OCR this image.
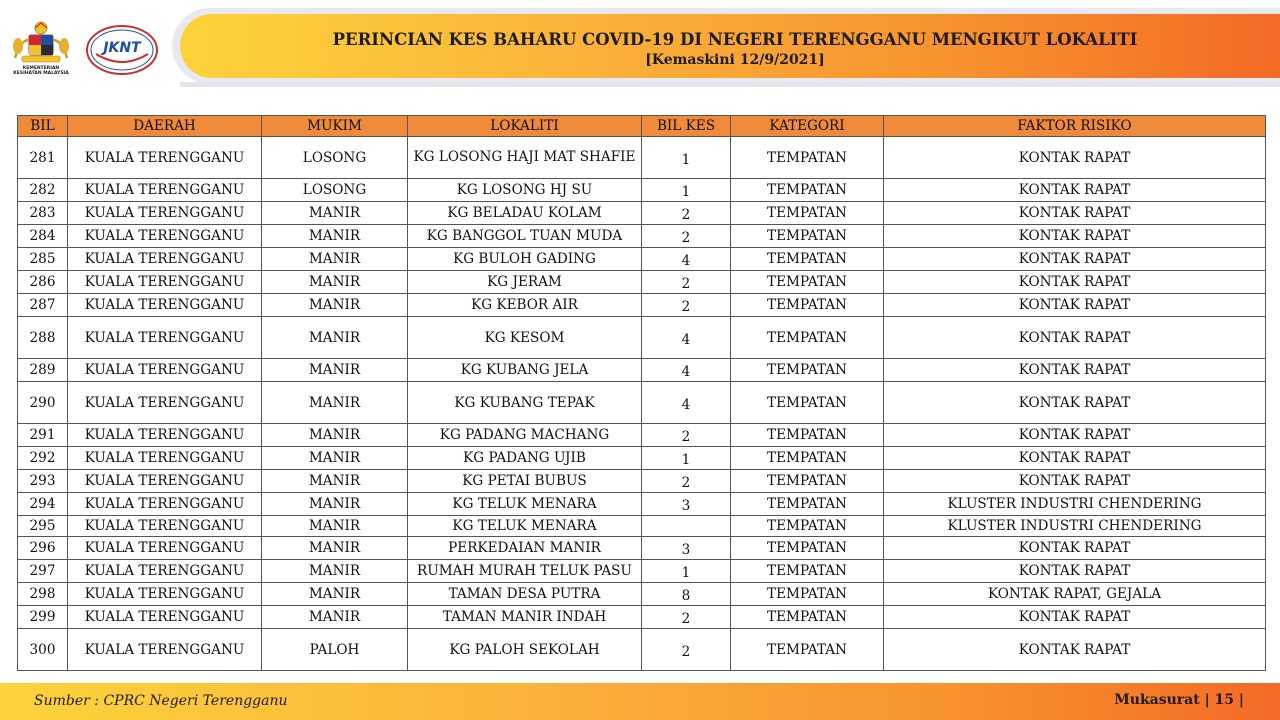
PERINCIAN KES BAHARU COVID-19 DI NEGERI TERENGGANU MENGIKUT LOKALITI
[Kemaskini 12/9/2021]
KEMENTERIAN KESIHATAN MALAYSIA
JKNT
BIL	DAERAH	MUKIM	LOKALITI	BIL KES	KATEGORI	FAKTOR RISIKO
281	KUALA TERENGGANU	LOSONG	KG LOSONG HAJI MAT SHAFIE	1	TEMPATAN	KONTAK RAPAT
282	KUALA TERENGGANU	LOSONG	KG LOSONG HJ SU	1	TEMPATAN	KONTAK RAPAT
283	KUALA TERENGGANU	MANIR	KG BELADAU KOLAM	2	TEMPATAN	KONTAK RAPAT
284	KUALA TERENGGANU	MANIR	KG BANGGOL TUAN MUDA	2	TEMPATAN	KONTAK RAPAT
285	KUALA TERENGGANU	MANIR	KG BULOH GADING	4	TEMPATAN	KONTAK RAPAT
286	KUALA TERENGGANU	MANIR	KG JERAM	2	TEMPATAN	KONTAK RAPAT
287	KUALA TERENGGANU	MANIR	KG KEBOR AIR	2	TEMPATAN	KONTAK RAPAT
288	KUALA TERENGGANU	MANIR	KG KESOM	4	TEMPATAN	KONTAK RAPAT
289	KUALA TERENGGANU	MANIR	KG KUBANG JELA	4	TEMPATAN	KONTAK RAPAT
290	KUALA TERENGGANU	MANIR	KG KUBANG TEPAK	4	TEMPATAN	KONTAK RAPAT
291	KUALA TERENGGANU	MANIR	KG PADANG MACHANG	2	TEMPATAN	KONTAK RAPAT
292	KUALA TERENGGANU	MANIR	KG PADANG UJIB	1	TEMPATAN	KONTAK RAPAT
293	KUALA TERENGGANU	MANIR	KG PETAI BUBUS	2	TEMPATAN	KONTAK RAPAT
294	KUALA TERENGGANU	MANIR	KG TELUK MENARA	3	TEMPATAN	KLUSTER INDUSTRI CHENDERING
295	KUALA TERENGGANU	MANIR	KG TELUK MENARA		TEMPATAN	KLUSTER INDUSTRI CHENDERING
296	KUALA TERENGGANU	MANIR	PERKEDAIAN MANIR	3	TEMPATAN	KONTAK RAPAT
297	KUALA TERENGGANU	MANIR	RUMAH MURAH TELUK PASU	1	TEMPATAN	KONTAK RAPAT
298	KUALA TERENGGANU	MANIR	TAMAN DESA PUTRA	8	TEMPATAN	KONTAK RAPAT, GEJALA
299	KUALA TERENGGANU	MANIR	TAMAN MANIR INDAH	2	TEMPATAN	KONTAK RAPAT
300	KUALA TERENGGANU	PALOH	KG PALOH SEKOLAH	2	TEMPATAN	KONTAK RAPAT
Sumber : CPRC Negeri Terengganu	Mukasurat | 15 |
